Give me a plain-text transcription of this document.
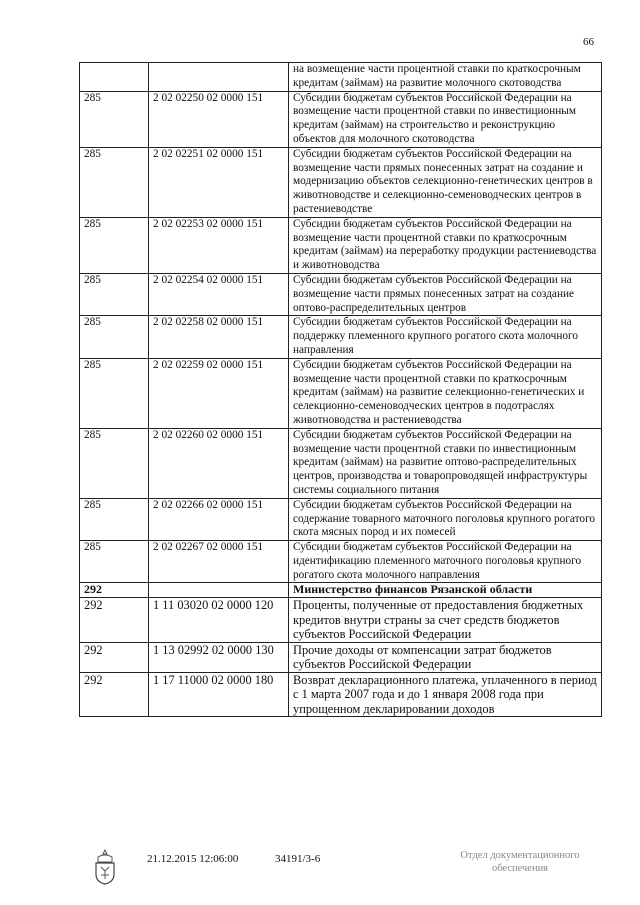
66
		на возмещение части процентной ставки по краткосрочным кредитам (займам) на развитие молочного скотоводства
285	2 02 02250 02 0000 151	Субсидии бюджетам субъектов Российской Федерации на возмещение части процентной ставки по инвестиционным кредитам (займам) на строительство и реконструкцию объектов для молочного скотоводства
285	2 02 02251 02 0000 151	Субсидии бюджетам субъектов Российской Федерации на возмещение части прямых понесенных затрат на создание и модернизацию объектов селекционно-генетических центров в животноводстве и селекционно-семеноводческих центров в растениеводстве
285	2 02 02253 02 0000 151	Субсидии бюджетам субъектов Российской Федерации на возмещение части процентной ставки по краткосрочным кредитам (займам) на переработку продукции растениеводства и животноводства
285	2 02 02254 02 0000 151	Субсидии бюджетам субъектов Российской Федерации на возмещение части прямых понесенных затрат на создание оптово-распределительных центров
285	2 02 02258 02 0000 151	Субсидии бюджетам субъектов Российской Федерации на поддержку племенного крупного рогатого скота молочного направления
285	2 02 02259 02 0000 151	Субсидии бюджетам субъектов Российской Федерации на возмещение части процентной ставки по краткосрочным кредитам (займам) на развитие селекционно-генетических и селекционно-семеноводческих центров в подотраслях животноводства и растениеводства
285	2 02 02260 02 0000 151	Субсидии бюджетам субъектов Российской Федерации на возмещение части процентной ставки по инвестиционным кредитам (займам) на развитие оптово-распределительных центров, производства и товаропроводящей инфраструктуры системы социального питания
285	2 02 02266 02 0000 151	Субсидии бюджетам субъектов Российской Федерации на содержание товарного маточного поголовья крупного рогатого скота мясных пород и их помесей
285	2 02 02267 02 0000 151	Субсидии бюджетам субъектов Российской Федерации на идентификацию племенного маточного поголовья крупного рогатого скота молочного направления
292		Министерство финансов Рязанской области
292	1 11 03020 02 0000 120	Проценты, полученные от предоставления бюджетных кредитов внутри страны за счет средств бюджетов субъектов Российской Федерации
292	1 13 02992 02 0000 130	Прочие доходы от компенсации затрат бюджетов субъектов Российской Федерации
292	1 17 11000 02 0000 180	Возврат декларационного платежа, уплаченного в период с 1 марта 2007 года и до 1 января 2008 года при упрощенном декларировании доходов
21.12.2015 12:06:00	34191/3-6	Отдел документационного
обеспечения
